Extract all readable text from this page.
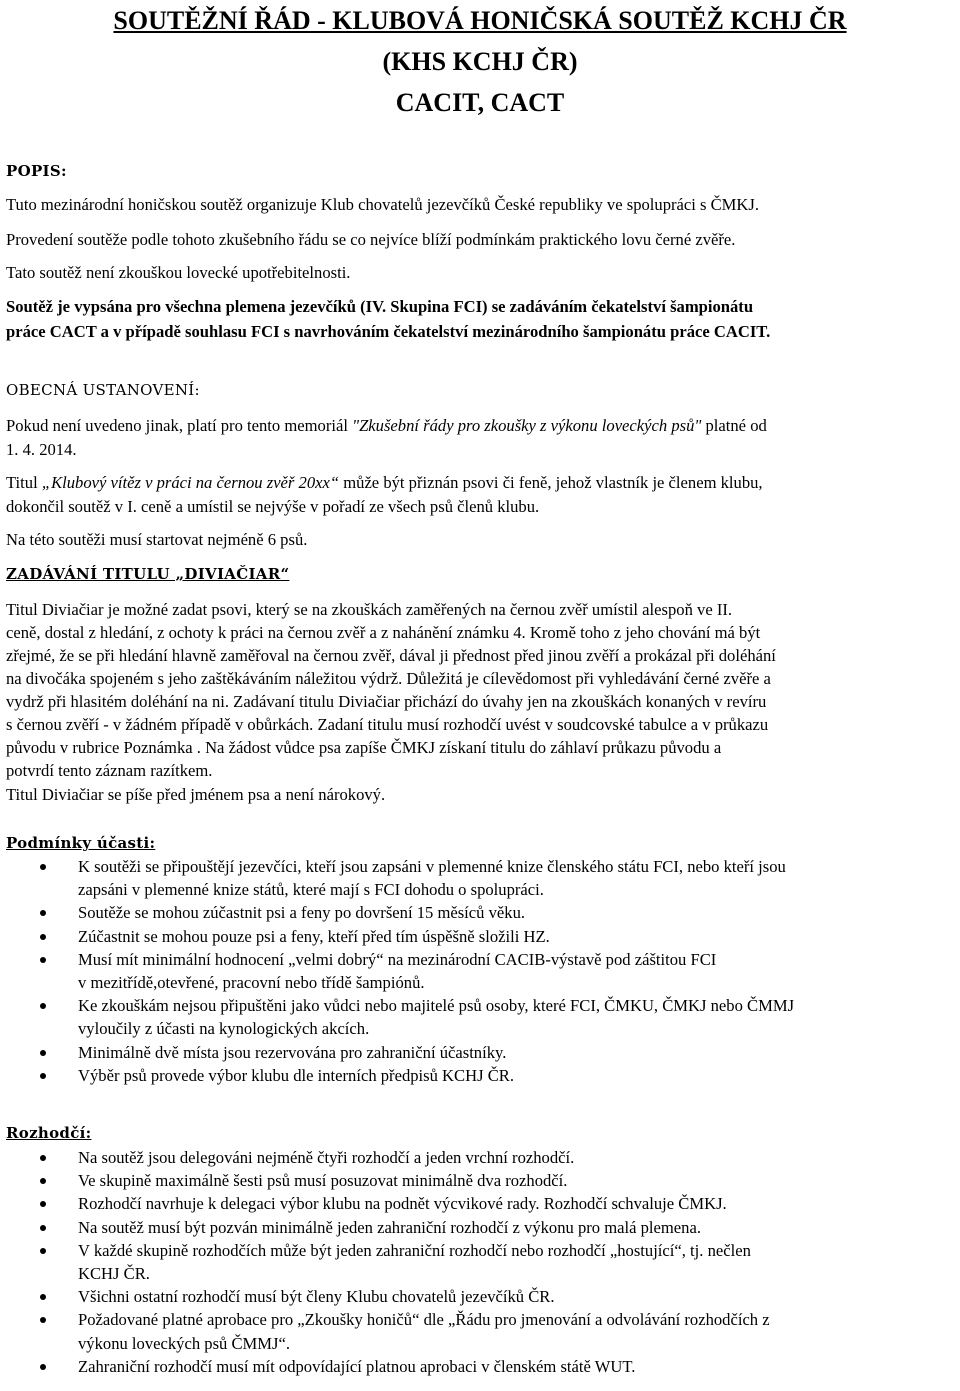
SOUTĚŽNÍ ŘÁD - KLUBOVÁ HONIČSKÁ SOUTĚŽ KCHJ ČR
(KHS KCHJ ČR)
CACIT, CACT
POPIS:
Tuto mezinárodní honičskou soutěž organizuje Klub chovatelů jezevčíků České republiky ve spolupráci s ČMKJ.
Provedení soutěže podle tohoto zkušebního řádu se co nejvíce blíží podmínkám praktického lovu černé zvěře.
Tato soutěž není zkouškou lovecké upotřebitelnosti.
Soutěž je vypsána pro všechna plemena jezevčíků (IV. Skupina FCI) se zadáváním čekatelství šampionátu
práce CACT a v případě souhlasu FCI s navrhováním čekatelství mezinárodního šampionátu práce CACIT.
OBECNÁ USTANOVENÍ:
Pokud není uvedeno jinak, platí pro tento memoriál "Zkušební řády pro zkoušky z výkonu loveckých psů" platné od
1. 4. 2014.
Titul „Klubový vítěz v práci na černou zvěř 20xx“ může být přiznán psovi či feně, jehož vlastník je členem klubu,
dokončil soutěž v I. ceně a umístil se nejvýše v pořadí ze všech psů členů klubu.
Na této soutěži musí startovat nejméně 6 psů.
ZADÁVÁNÍ TITULU „DIVIAČIAR“
Titul Diviačiar je možné zadat psovi, který se na zkouškách zaměřených na černou zvěř umístil alespoň ve II.
ceně, dostal z hledání, z ochoty k práci na černou zvěř a z nahánění známku 4. Kromě toho z jeho chování má být
zřejmé, že se při hledání hlavně zaměřoval na černou zvěř, dával ji přednost před jinou zvěří a prokázal při doléhání
na divočáka spojeném s jeho zaštěkáváním náležitou výdrž. Důležitá je cílevědomost při vyhledávání černé zvěře a
vydrž při hlasitém doléhání na ni. Zadávaní titulu Diviačiar přichází do úvahy jen na zkouškách konaných v revíru
s černou zvěří - v žádném případě v obůrkách. Zadaní titulu musí rozhodčí uvést v soudcovské tabulce a v průkazu
původu v rubrice Poznámka . Na žádost vůdce psa zapíše ČMKJ získaní titulu do záhlaví průkazu původu a
potvrdí tento záznam razítkem.
Titul Diviačiar se píše před jménem psa a není nárokový.
Podmínky účasti:
K soutěži se připouštějí jezevčíci, kteří jsou zapsáni v plemenné knize členského státu FCI, nebo kteří jsou
zapsáni v plemenné knize států, které mají s FCI dohodu o spolupráci.
Soutěže se mohou zúčastnit psi a feny po dovršení 15 měsíců věku.
Zúčastnit se mohou pouze psi a feny, kteří před tím úspěšně složili HZ.
Musí mít minimální hodnocení „velmi dobrý“ na mezinárodní CACIB-výstavě pod záštitou FCI
v mezitřídě,otevřené, pracovní nebo třídě šampiónů.
Ke zkouškám nejsou připuštěni jako vůdci nebo majitelé psů osoby, které FCI, ČMKU, ČMKJ nebo ČMMJ
vyloučily z účasti na kynologických akcích.
Minimálně dvě místa jsou rezervována pro zahraniční účastníky.
Výběr psů provede výbor klubu dle interních předpisů KCHJ ČR.
Rozhodčí:
Na soutěž jsou delegováni nejméně čtyři rozhodčí a jeden vrchní rozhodčí.
Ve skupině maximálně šesti psů musí posuzovat minimálně dva rozhodčí.
Rozhodčí navrhuje k delegaci výbor klubu na podnět výcvikové rady. Rozhodčí schvaluje ČMKJ.
Na soutěž musí být pozván minimálně jeden zahraniční rozhodčí z výkonu pro malá plemena.
V každé skupině rozhodčích může být jeden zahraniční rozhodčí nebo rozhodčí „hostující“, tj. nečlen
KCHJ ČR.
Všichni ostatní rozhodčí musí být členy Klubu chovatelů jezevčíků ČR.
Požadované platné aprobace pro „Zkoušky honičů“ dle „Řádu pro jmenování a odvolávání rozhodčích z
výkonu loveckých psů ČMMJ“.
Zahraniční rozhodčí musí mít odpovídající platnou aprobaci v členském státě WUT.
